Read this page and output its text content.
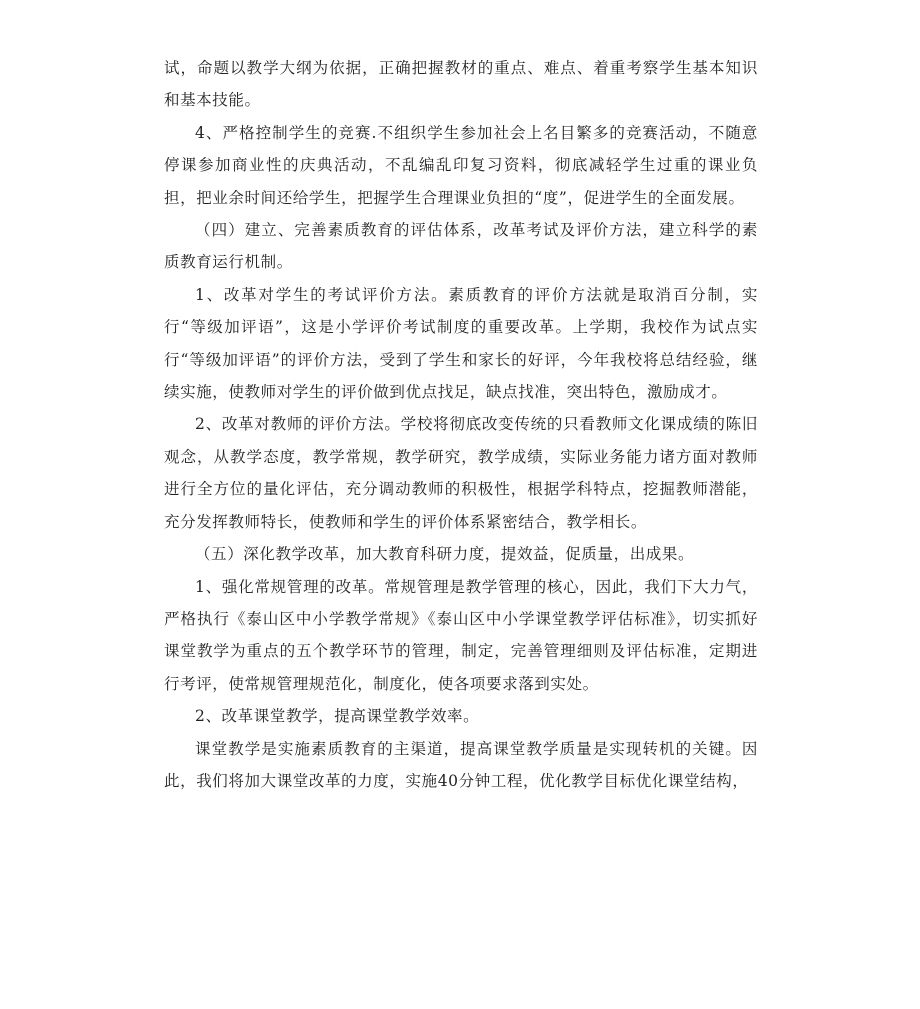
试，命题以教学大纲为依据，正确把握教材的重点、难点、着重考察学生基本知识和基本技能。

4、严格控制学生的竞赛.不组织学生参加社会上名目繁多的竞赛活动，不随意停课参加商业性的庆典活动，不乱编乱印复习资料，彻底减轻学生过重的课业负担，把业余时间还给学生，把握学生合理课业负担的“度”，促进学生的全面发展。

（四）建立、完善素质教育的评估体系，改革考试及评价方法，建立科学的素质教育运行机制。

1、改革对学生的考试评价方法。素质教育的评价方法就是取消百分制，实行“等级加评语”，这是小学评价考试制度的重要改革。上学期，我校作为试点实行“等级加评语”的评价方法，受到了学生和家长的好评，今年我校将总结经验，继续实施，使教师对学生的评价做到优点找足，缺点找准，突出特色，激励成才。

2、改革对教师的评价方法。学校将彻底改变传统的只看教师文化课成绩的陈旧观念，从教学态度，教学常规，教学研究，教学成绩，实际业务能力诸方面对教师进行全方位的量化评估，充分调动教师的积极性，根据学科特点，挖掘教师潜能，充分发挥教师特长，使教师和学生的评价体系紧密结合，教学相长。

（五）深化教学改革，加大教育科研力度，提效益，促质量，出成果。

1、强化常规管理的改革。常规管理是教学管理的核心，因此，我们下大力气，严格执行《泰山区中小学教学常规》《泰山区中小学课堂教学评估标准》，切实抓好课堂教学为重点的五个教学环节的管理，制定，完善管理细则及评估标准，定期进行考评，使常规管理规范化，制度化，使各项要求落到实处。

2、改革课堂教学，提高课堂教学效率。

课堂教学是实施素质教育的主渠道，提高课堂教学质量是实现转机的关键。因此，我们将加大课堂改革的力度，实施40分钟工程，优化教学目标优化课堂结构，
